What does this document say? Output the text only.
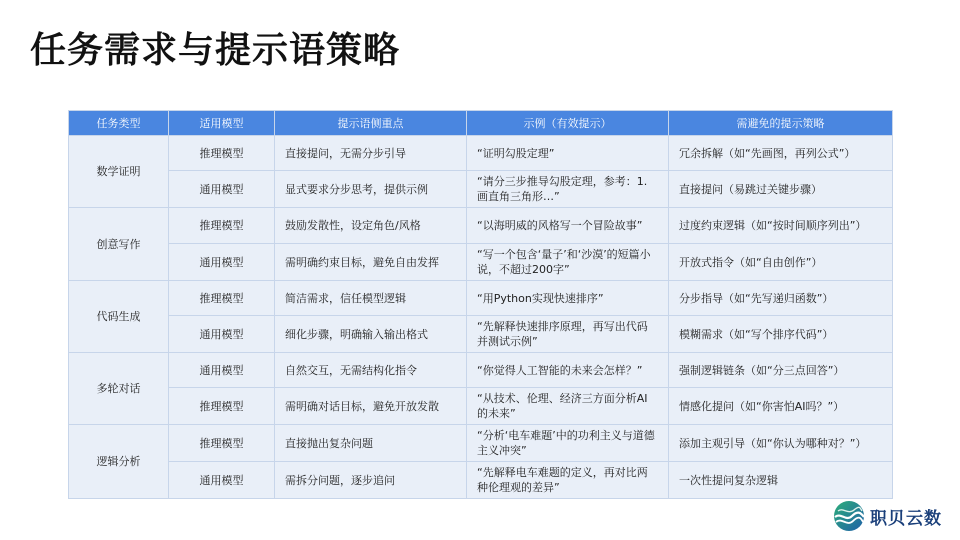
任务需求与提示语策略
任务类型	适用模型	提示语侧重点	示例（有效提示）	需避免的提示策略
数学证明	推理模型	直接提问，无需分步引导	“证明勾股定理”	冗余拆解（如“先画图，再列公式”）
	通用模型	显式要求分步思考，提供示例	“请分三步推导勾股定理，参考：1. 画直角三角形…”	直接提问（易跳过关键步骤）
创意写作	推理模型	鼓励发散性，设定角色/风格	“以海明威的风格写一个冒险故事”	过度约束逻辑（如“按时间顺序列出”）
	通用模型	需明确约束目标，避免自由发挥	“写一个包含‘量子’和‘沙漠’的短篇小说，不超过200字”	开放式指令（如“自由创作”）
代码生成	推理模型	简洁需求，信任模型逻辑	“用Python实现快速排序”	分步指导（如“先写递归函数”）
	通用模型	细化步骤，明确输入输出格式	“先解释快速排序原理，再写出代码并测试示例”	模糊需求（如“写个排序代码”）
多轮对话	通用模型	自然交互，无需结构化指令	“你觉得人工智能的未来会怎样？”	强制逻辑链条（如“分三点回答”）
	推理模型	需明确对话目标，避免开放发散	“从技术、伦理、经济三方面分析AI的未来”	情感化提问（如“你害怕AI吗？”）
逻辑分析	推理模型	直接抛出复杂问题	“分析‘电车难题’中的功利主义与道德主义冲突”	添加主观引导（如“你认为哪种对？”）
	通用模型	需拆分问题，逐步追问	“先解释电车难题的定义，再对比两种伦理观的差异”	一次性提问复杂逻辑
职贝云数
